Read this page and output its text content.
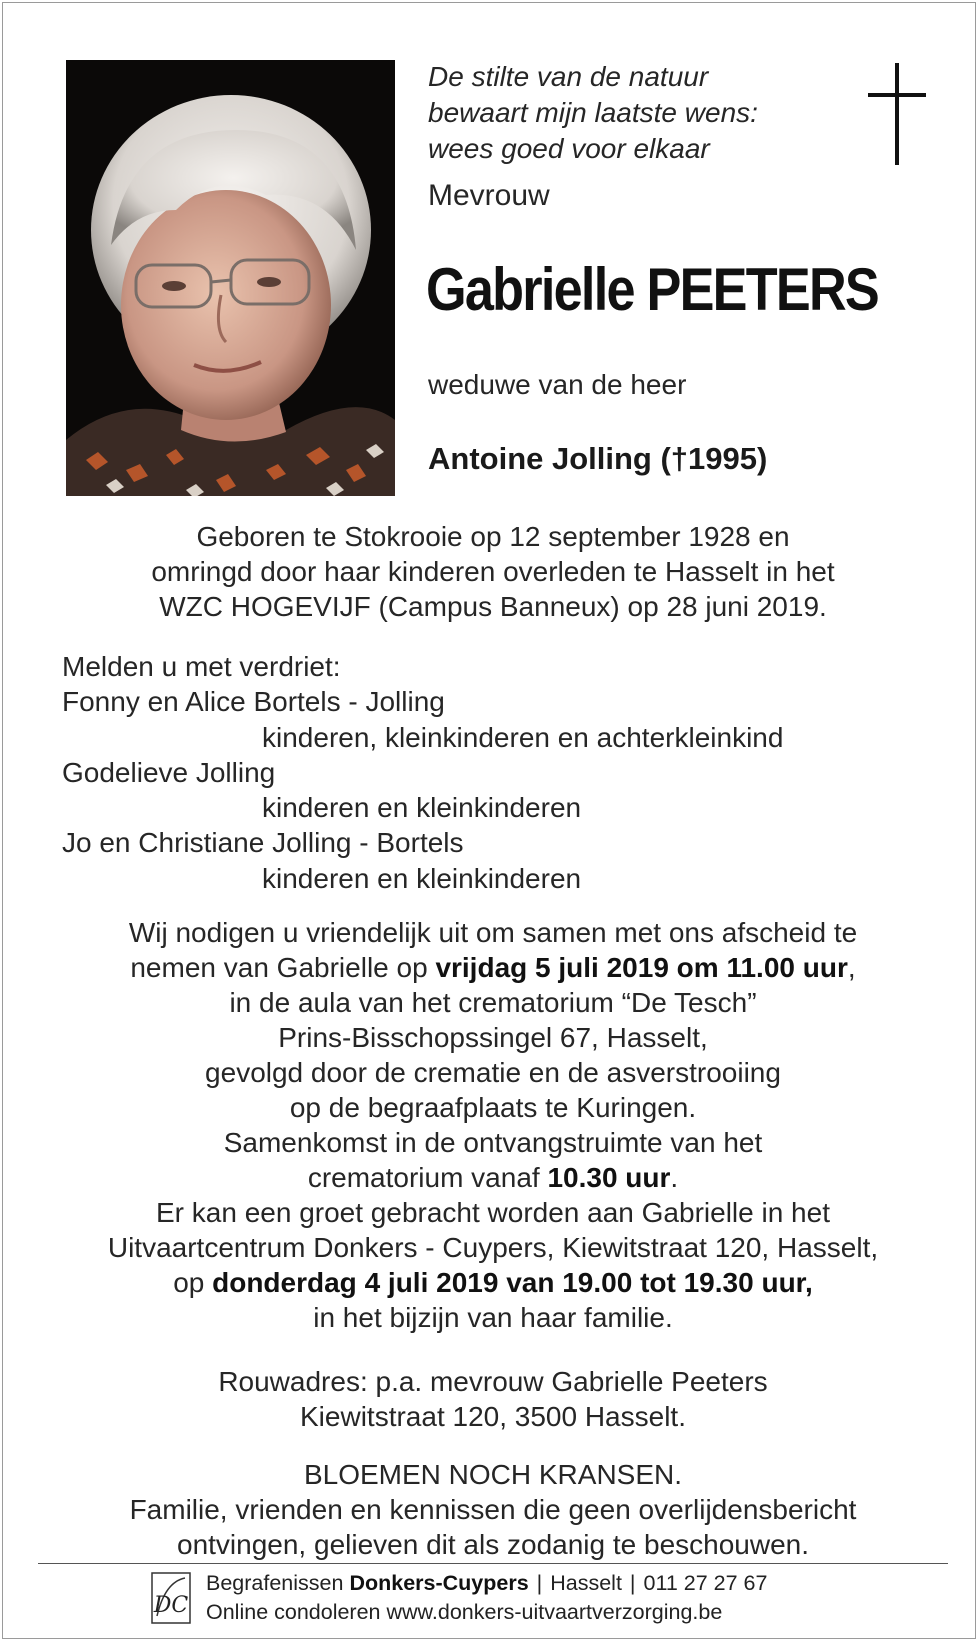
De stilte van de natuur
bewaart mijn laatste wens:
wees goed voor elkaar
Mevrouw
Gabrielle PEETERS
weduwe van de heer
Antoine Jolling (†1995)
Geboren te Stokrooie op 12 september 1928 en
omringd door haar kinderen overleden te Hasselt in het
WZC HOGEVIJF (Campus Banneux) op 28 juni 2019.
Melden u met verdriet:
Fonny en Alice Bortels - Jolling
kinderen, kleinkinderen en achterkleinkind
Godelieve Jolling
kinderen en kleinkinderen
Jo en Christiane Jolling - Bortels
kinderen en kleinkinderen
Wij nodigen u vriendelijk uit om samen met ons afscheid te
nemen van Gabrielle op vrijdag 5 juli 2019 om 11.00 uur,
in de aula van het crematorium “De Tesch”
Prins-Bisschopssingel 67, Hasselt,
gevolgd door de crematie en de asverstrooiing
op de begraafplaats te Kuringen.
Samenkomst in de ontvangstruimte van het
crematorium vanaf 10.30 uur.
Er kan een groet gebracht worden aan Gabrielle in het
Uitvaartcentrum Donkers - Cuypers, Kiewitstraat 120, Hasselt,
op donderdag 4 juli 2019 van 19.00 tot 19.30 uur,
in het bijzijn van haar familie.
Rouwadres: p.a. mevrouw Gabrielle Peeters
Kiewitstraat 120, 3500 Hasselt.
BLOEMEN NOCH KRANSEN.
Familie, vrienden en kennissen die geen overlijdensbericht
ontvingen, gelieven dit als zodanig te beschouwen.
DC
Begrafenissen Donkers-Cuypers | Hasselt | 011 27 27 67
Online condoleren www.donkers-uitvaartverzorging.be
